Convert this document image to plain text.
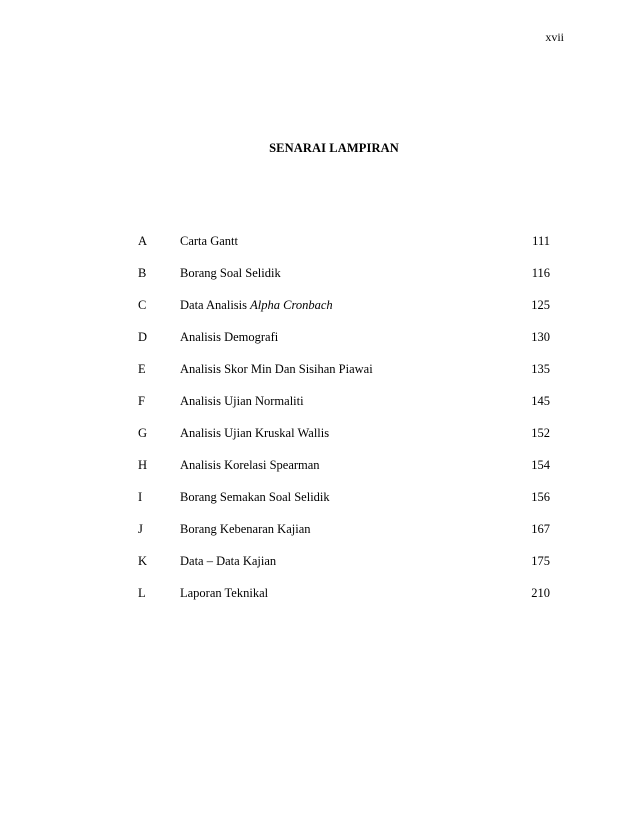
xvii
SENARAI LAMPIRAN
A	Carta Gantt	111
B	Borang Soal Selidik	116
C	Data Analisis Alpha Cronbach	125
D	Analisis Demografi	130
E	Analisis Skor Min Dan Sisihan Piawai	135
F	Analisis Ujian Normaliti	145
G	Analisis Ujian Kruskal Wallis	152
H	Analisis Korelasi Spearman	154
I	Borang Semakan Soal Selidik	156
J	Borang Kebenaran Kajian	167
K	Data – Data Kajian	175
L	Laporan Teknikal	210
